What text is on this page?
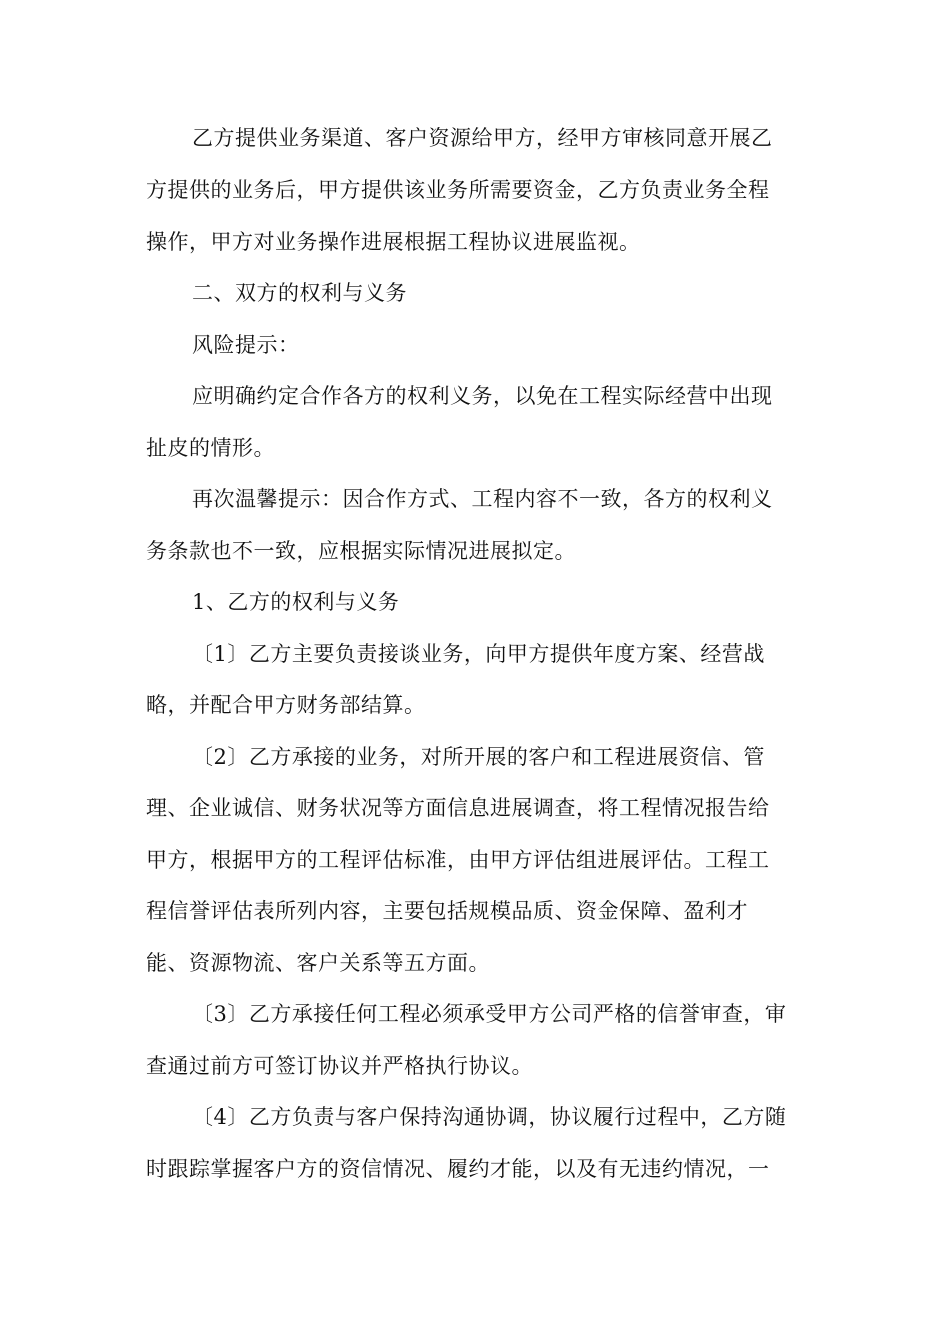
乙方提供业务渠道、客户资源给甲方，经甲方审核同意开展乙
方提供的业务后，甲方提供该业务所需要资金，乙方负责业务全程
操作，甲方对业务操作进展根据工程协议进展监视。
二、双方的权利与义务
风险提示：
应明确约定合作各方的权利义务，以免在工程实际经营中出现
扯皮的情形。
再次温馨提示：因合作方式、工程内容不一致，各方的权利义
务条款也不一致，应根据实际情况进展拟定。
1、乙方的权利与义务
〔1〕乙方主要负责接谈业务，向甲方提供年度方案、经营战
略，并配合甲方财务部结算。
〔2〕乙方承接的业务，对所开展的客户和工程进展资信、管
理、企业诚信、财务状况等方面信息进展调查，将工程情况报告给
甲方，根据甲方的工程评估标准，由甲方评估组进展评估。工程工
程信誉评估表所列内容，主要包括规模品质、资金保障、盈利才
能、资源物流、客户关系等五方面。
〔3〕乙方承接任何工程必须承受甲方公司严格的信誉审查，审
查通过前方可签订协议并严格执行协议。
〔4〕乙方负责与客户保持沟通协调，协议履行过程中，乙方随
时跟踪掌握客户方的资信情况、履约才能，以及有无违约情况，一
